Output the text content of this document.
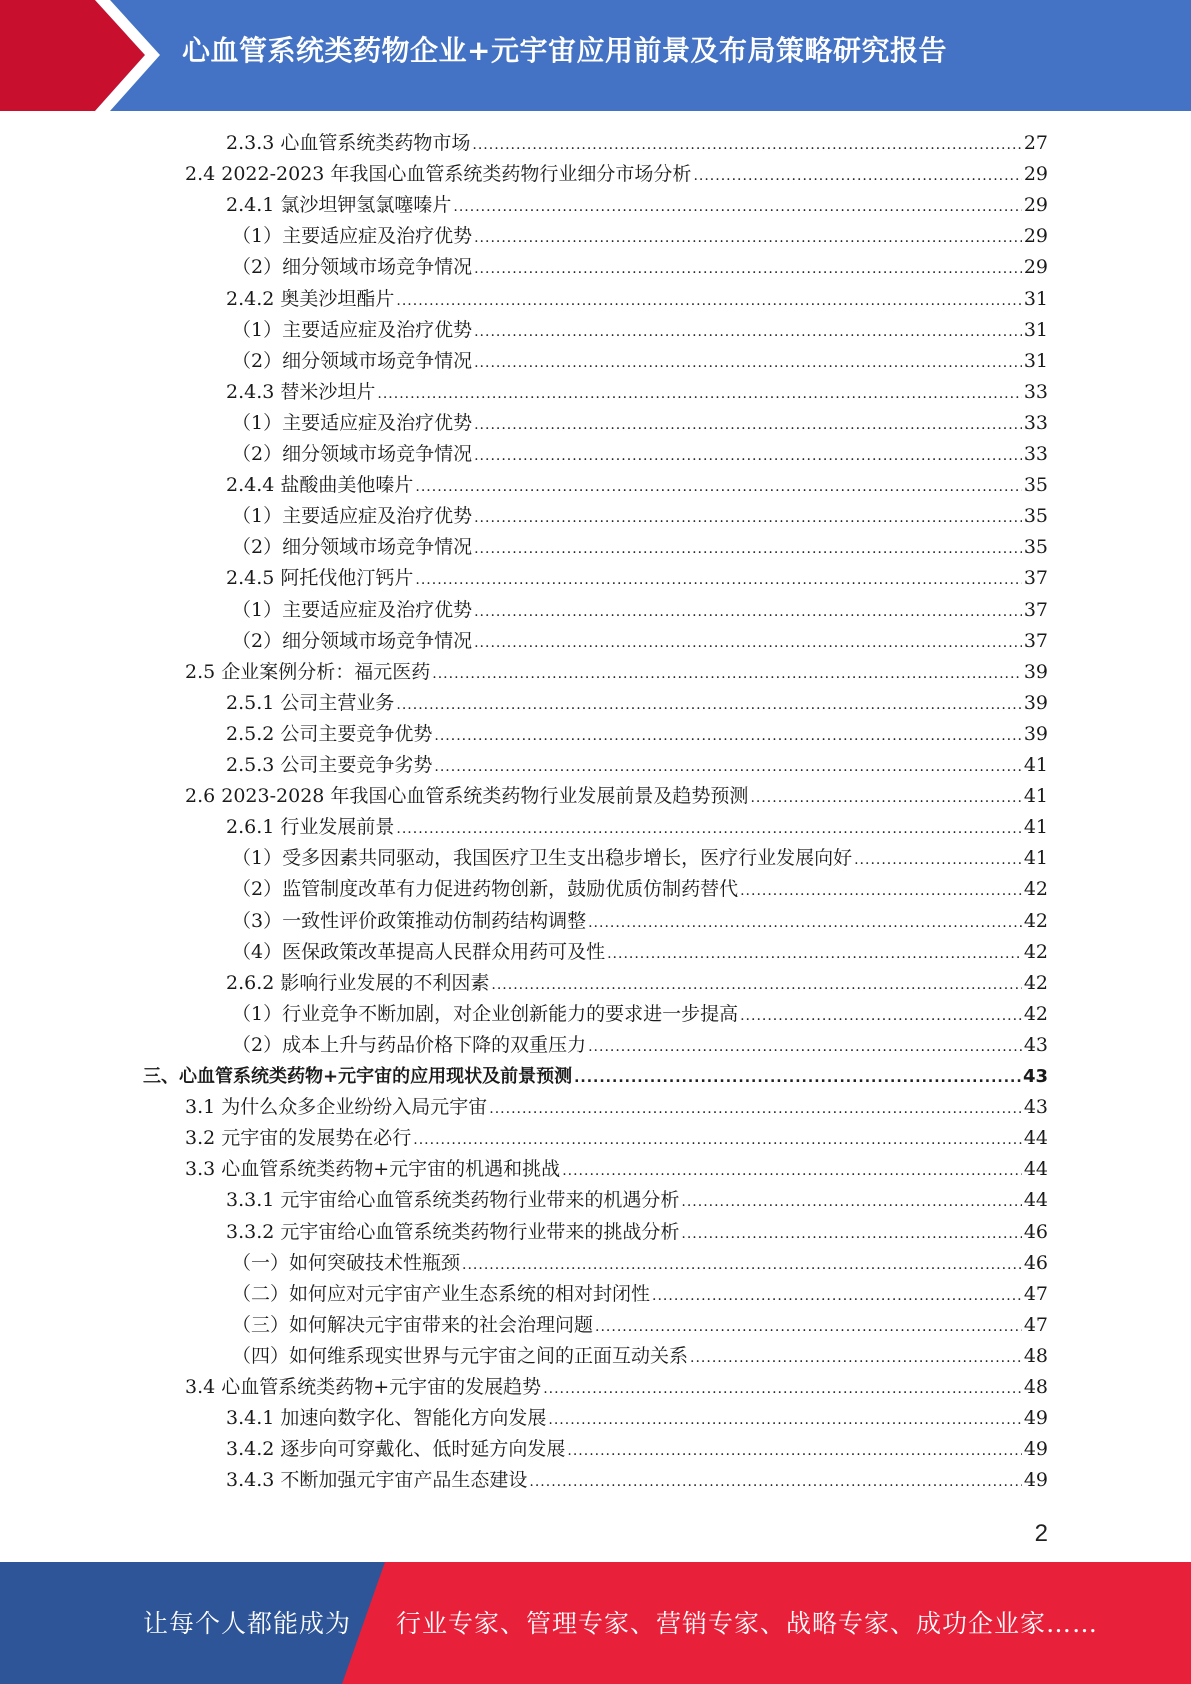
心血管系统类药物企业+元宇宙应用前景及布局策略研究报告
2.3.3 心血管系统类药物市场 .....	27
2.4 2022-2023 年我国心血管系统类药物行业细分市场分析 .....	29
2.4.1 氯沙坦钾氢氯噻嗪片 .....	29
（1）主要适应症及治疗优势 .....	29
（2）细分领域市场竞争情况 .....	29
2.4.2 奥美沙坦酯片 .....	31
（1）主要适应症及治疗优势 .....	31
（2）细分领域市场竞争情况 .....	31
2.4.3 替米沙坦片 .....	33
（1）主要适应症及治疗优势 .....	33
（2）细分领域市场竞争情况 .....	33
2.4.4 盐酸曲美他嗪片 .....	35
（1）主要适应症及治疗优势 .....	35
（2）细分领域市场竞争情况 .....	35
2.4.5 阿托伐他汀钙片 .....	37
（1）主要适应症及治疗优势 .....	37
（2）细分领域市场竞争情况 .....	37
2.5 企业案例分析：福元医药 .....	39
2.5.1 公司主营业务 .....	39
2.5.2 公司主要竞争优势 .....	39
2.5.3 公司主要竞争劣势 .....	41
2.6 2023-2028 年我国心血管系统类药物行业发展前景及趋势预测 .....	41
2.6.1 行业发展前景 .....	41
（1）受多因素共同驱动，我国医疗卫生支出稳步增长，医疗行业发展向好 .....	41
（2）监管制度改革有力促进药物创新，鼓励优质仿制药替代 .....	42
（3）一致性评价政策推动仿制药结构调整 .....	42
（4）医保政策改革提高人民群众用药可及性 .....	42
2.6.2 影响行业发展的不利因素 .....	42
（1）行业竞争不断加剧，对企业创新能力的要求进一步提高 .....	42
（2）成本上升与药品价格下降的双重压力 .....	43
三、心血管系统类药物+元宇宙的应用现状及前景预测 .....	43
3.1 为什么众多企业纷纷入局元宇宙 .....	43
3.2 元宇宙的发展势在必行 .....	44
3.3 心血管系统类药物+元宇宙的机遇和挑战 .....	44
3.3.1 元宇宙给心血管系统类药物行业带来的机遇分析 .....	44
3.3.2 元宇宙给心血管系统类药物行业带来的挑战分析 .....	46
（一）如何突破技术性瓶颈 .....	46
（二）如何应对元宇宙产业生态系统的相对封闭性 .....	47
（三）如何解决元宇宙带来的社会治理问题 .....	47
（四）如何维系现实世界与元宇宙之间的正面互动关系 .....	48
3.4 心血管系统类药物+元宇宙的发展趋势 .....	48
3.4.1 加速向数字化、智能化方向发展 .....	49
3.4.2 逐步向可穿戴化、低时延方向发展 .....	49
3.4.3 不断加强元宇宙产品生态建设 .....	49
2
让每个人都能成为 行业专家、管理专家、营销专家、战略专家、成功企业家……
